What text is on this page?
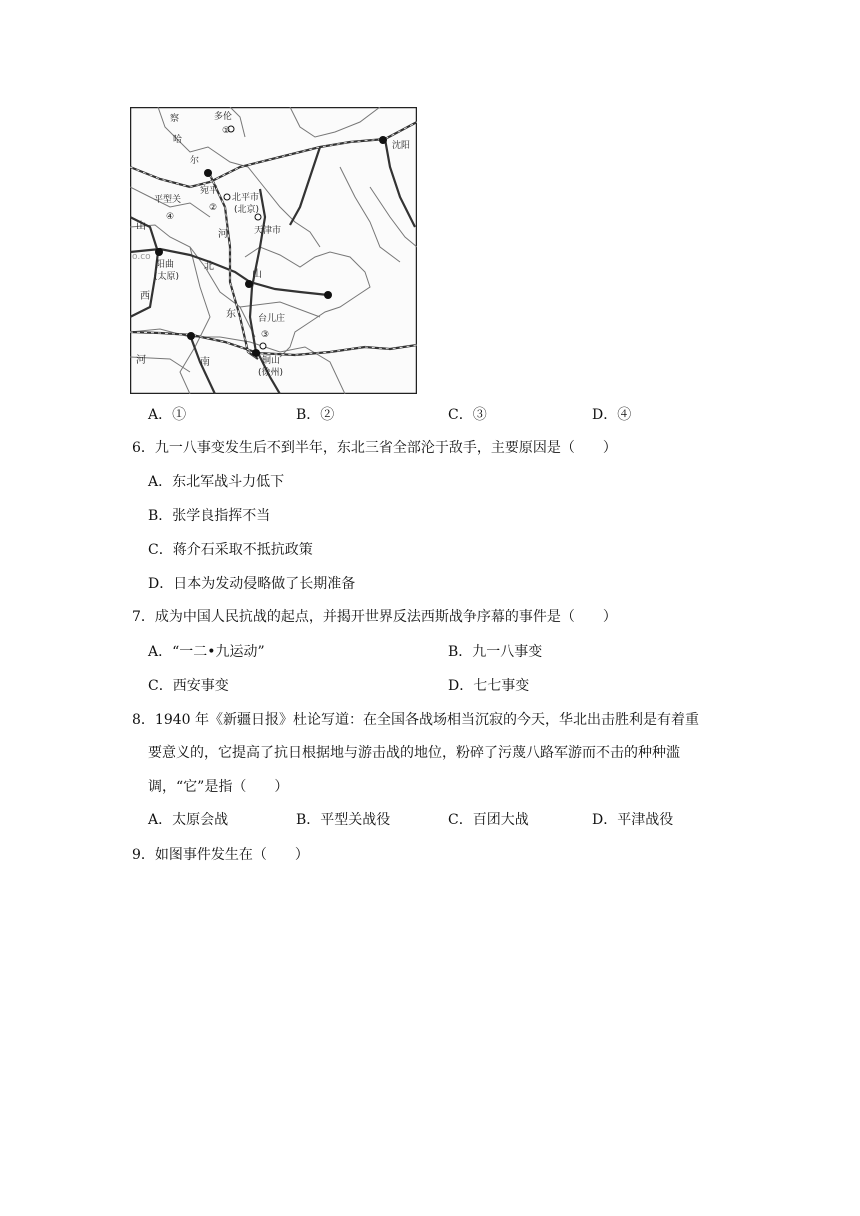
察
哈
尔
多伦
①
宛平
②
北平市
(北京)
平型关
④
天津市
山
河
北
阳曲
(太原)
西
山
东 台儿庄
③
铜山
(徐州)
南
河
沈阳
o.co
A．①	B．②	C．③	D．④
6．九一八事变发生后不到半年，东北三省全部沦于敌手，主要原因是（　　）
A．东北军战斗力低下
B．张学良指挥不当
C．蒋介石采取不抵抗政策
D．日本为发动侵略做了长期准备
7．成为中国人民抗战的起点，并揭开世界反法西斯战争序幕的事件是（　　）
A．“一二•九运动”	B．九一八事变
C．西安事变	D．七七事变
8．1940 年《新疆日报》杜论写道：在全国各战场相当沉寂的今天，华北出击胜利是有着重
要意义的，它提高了抗日根据地与游击战的地位，粉碎了污蔑八路军游而不击的种种滥
调，“它”是指（　　）
A．太原会战	B．平型关战役	C．百团大战	D．平津战役
9．如图事件发生在（　　）
